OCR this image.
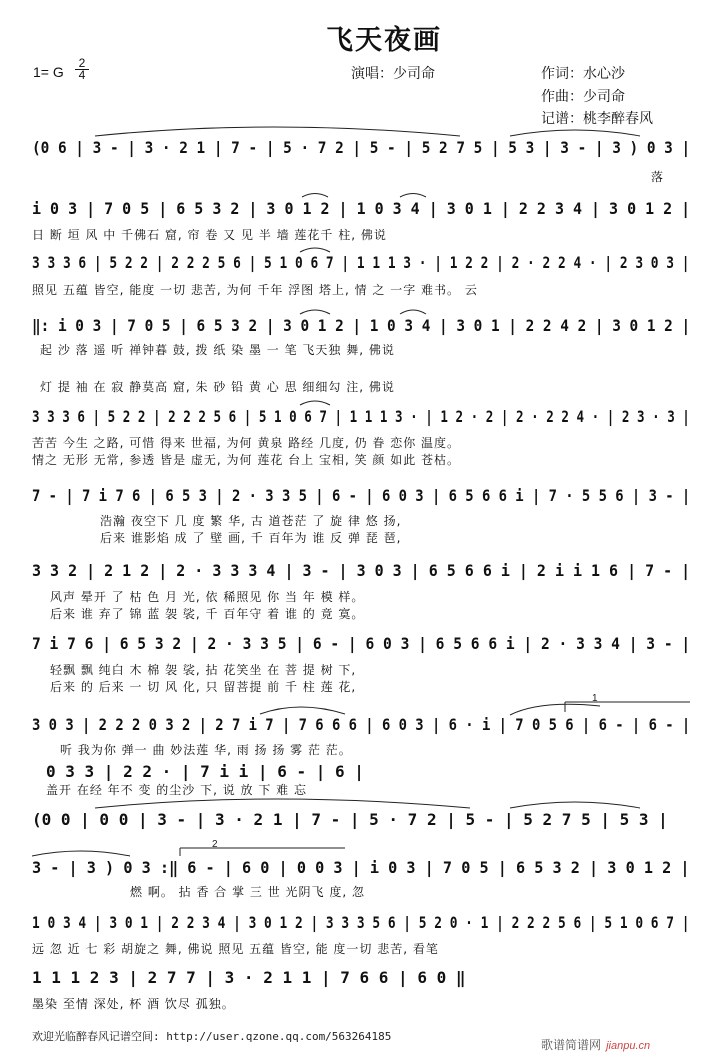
飞天夜画
1= G $\frac{2}{4}$	演唱：少司命	作词：水心沙
作曲：少司命
记谱：桃李醉春风
(0 6 | 3 - | 3 · 2 1 | 7 - | 5 · 7 2 | 5 - | 5 2 7 5 | 5 3 | 3 - | 3 ) 0 3 |
落
i 0 3 | 7 0 5 | 6 5 3 2 | 3 0 1 2 | 1 0 3 4 | 3 0 1 | 2 2 3 4 | 3 0 1 2 |
日 断 垣 风 中 千佛石 窟, 帘 卷 又 见 半 墙 莲花千 柱, 佛说
3 3 3 6 | 5 2 2 | 2 2 2 5 6 | 5 1 0 6 7 | 1 1 1 3 · | 1 2 2 | 2 · 2 2 4 · | 2 3 0 3 |
照见 五蕴 皆空, 能度 一切 悲苦, 为何 千年 浮图 塔上, 情 之 一字 难书。 云
‖: i 0 3 | 7 0 5 | 6 5 3 2 | 3 0 1 2 | 1 0 3 4 | 3 0 1 | 2 2 4 2 | 3 0 1 2 |
起 沙 落 遥 听 禅钟暮 鼓, 拨 纸 染 墨 一 笔 飞天独 舞, 佛说
灯 提 袖 在 寂 静莫高 窟, 朱 砂 铅 黄 心 思 细细勾 注, 佛说
3 3 3 6 | 5 2 2 | 2 2 2 5 6 | 5 1 0 6 7 | 1 1 1 3 · | 1 2 · 2 | 2 · 2 2 4 · | 2 3 · 3 |
苦苦 今生 之路, 可惜 得来 世福, 为何 黄泉 路经 几度, 仍 眷 恋你 温度。
情之 无形 无常, 参透 皆是 虚无, 为何 莲花 台上 宝相, 笑 颜 如此 苍枯。
7 - | 7 i 7 6 | 6 5 3 | 2 · 3 3 5 | 6 - | 6 0 3 | 6 5 6 6 i | 7 · 5 5 6 | 3 - |
浩瀚 夜空下 几 度 繁 华, 古 道苍茫 了 旋 律 悠 扬,
后来 谁影焰 成 了 壁 画, 千 百年为 谁 反 弹 琵 琶,
3 3 2 | 2 1 2 | 2 · 3 3 3 4 | 3 - | 3 0 3 | 6 5 6 6 i | 2 i i 1 6 | 7 - |
风声 晕开 了 枯 色 月 光, 依 稀照见 你 当 年 模 样。
后来 谁 弃了 锦 蓝 袈 裟, 千 百年守 着 谁 的 竟 寞。
7 i 7 6 | 6 5 3 2 | 2 · 3 3 5 | 6 - | 6 0 3 | 6 5 6 6 i | 2 · 3 3 4 | 3 - |
轻飘 飘 纯白 木 棉 袈 裟, 拈 花笑坐 在 菩 提 树 下,
后来 的 后来 一 切 风 化, 只 留菩提 前 千 柱 莲 花,
3 0 3 | 2 2 2 0 3 2 | 2 7 i 7 | 7 6 6 6 | 6 0 3 | 6 · i | 7 0 5 6 | 6 - | 6 - |
听 我为你 弹一 曲 妙法莲 华, 雨 扬 扬 雾 茫 茫。
0 3 3 | 2 2 · | 7 i i | 6 - | 6 |
盖开 在经 年不 变 的尘沙 下, 说 放 下 难 忘
(0 0 | 0 0 | 3 - | 3 · 2 1 | 7 - | 5 · 7 2 | 5 - | 5 2 7 5 | 5 3 |
3 - | 3 ) 0 3 :‖ 6 - | 6 0 | 0 0 3 | i 0 3 | 7 0 5 | 6 5 3 2 | 3 0 1 2 |
燃 啊。 拈 香 合 掌 三 世 光阴飞 度, 忽
1 0 3 4 | 3 0 1 | 2 2 3 4 | 3 0 1 2 | 3 3 3 5 6 | 5 2 0 · 1 | 2 2 2 5 6 | 5 1 0 6 7 |
远 忽 近 七 彩 胡旋之 舞, 佛说 照见 五蕴 皆空, 能 度一切 悲苦, 看笔
1 1 1 2 3 | 2 7 7 | 3 · 2 1 1 | 7 6 6 | 6 0 ‖
墨染 至情 深处, 杯 酒 饮尽 孤独。
欢迎光临醉春风记谱空间: http://user.qzone.qq.com/563264185
歌谱简谱网 jianpu.cn
1
2
